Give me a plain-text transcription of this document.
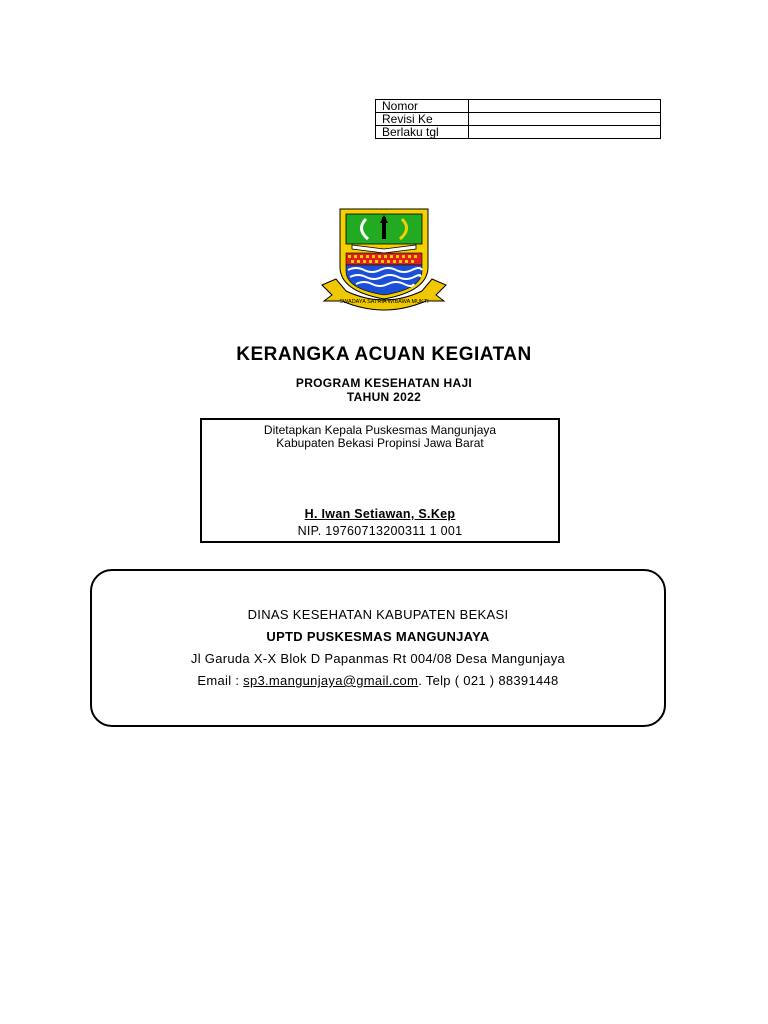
Nomor	
Revisi Ke	
Berlaku tgl	
SWADAYA SATRIA WIBAWA MUKTI
KERANGKA ACUAN KEGIATAN
PROGRAM KESEHATAN HAJI
TAHUN 2022
Ditetapkan Kepala Puskesmas Mangunjaya
Kabupaten Bekasi Propinsi Jawa Barat
H. Iwan Setiawan, S.Kep
NIP. 19760713200311 1 001
DINAS KESEHATAN KABUPATEN BEKASI
UPTD PUSKESMAS MANGUNJAYA
Jl Garuda X-X Blok D Papanmas Rt 004/08 Desa Mangunjaya
Email : sp3.mangunjaya@gmail.com. Telp ( 021 ) 88391448
